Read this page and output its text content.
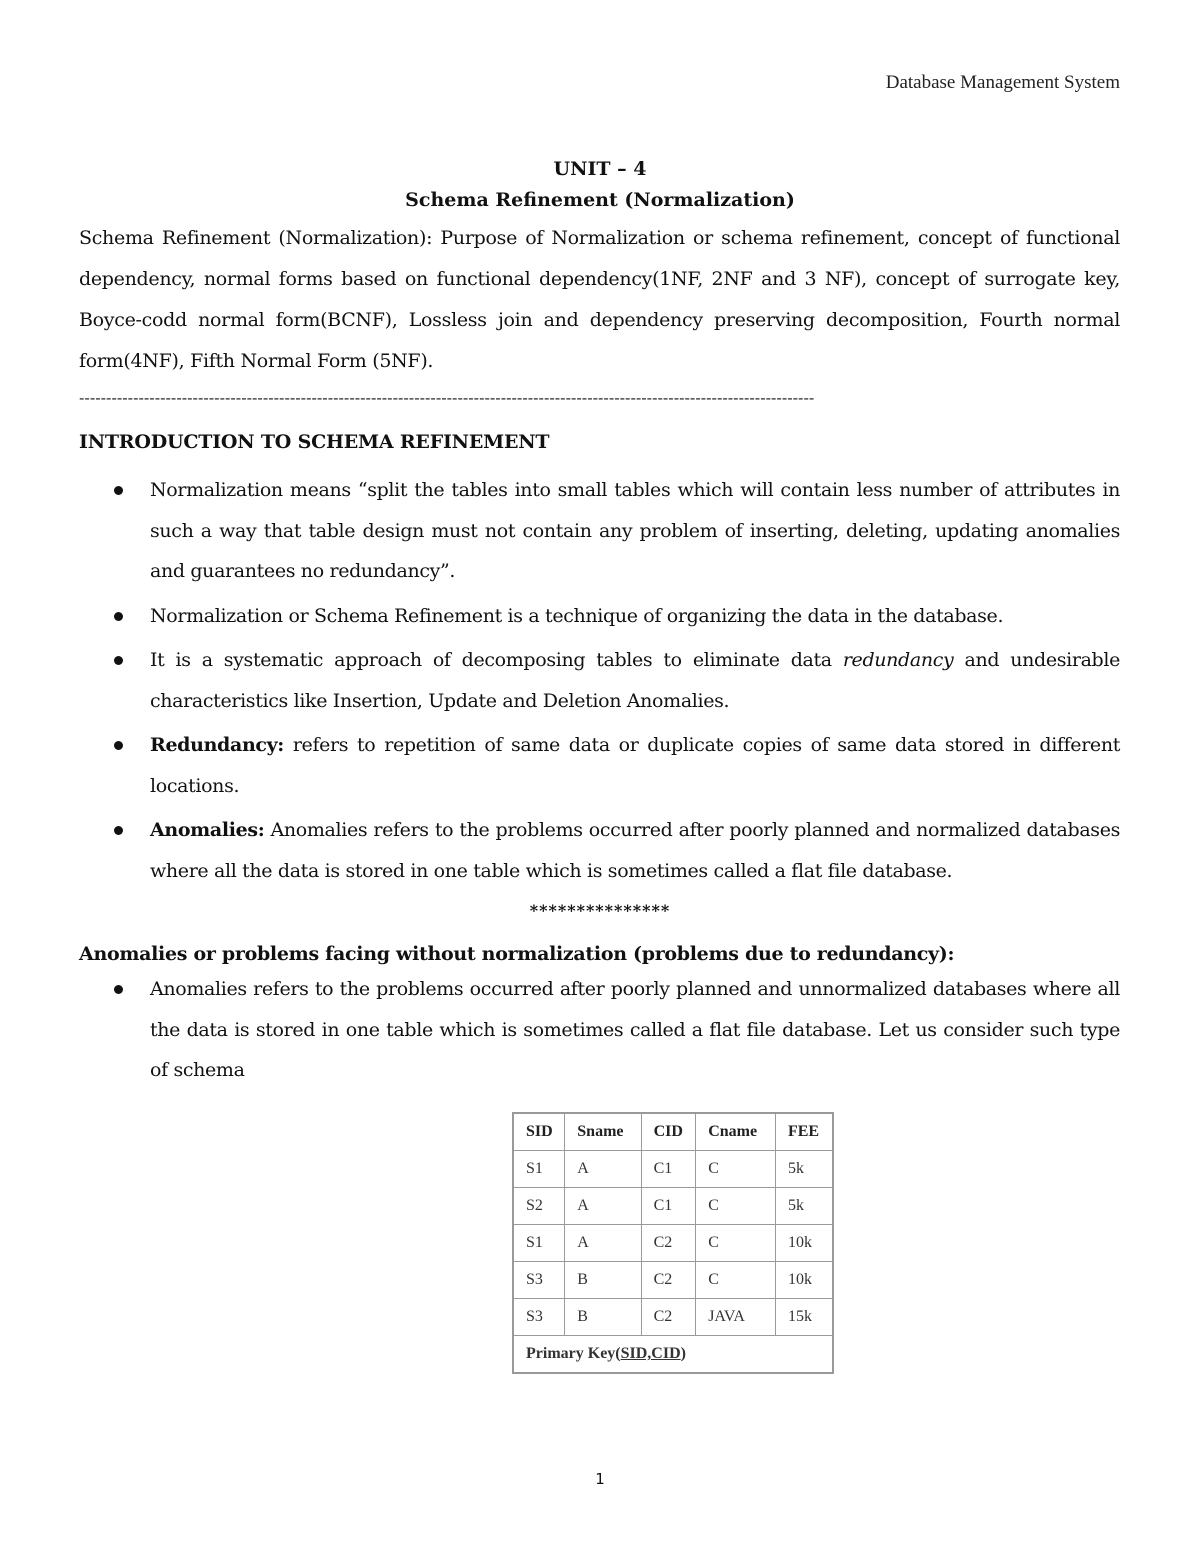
Database Management System
UNIT – 4
Schema Refinement (Normalization)
Schema Refinement (Normalization): Purpose of Normalization or schema refinement, concept of functional dependency, normal forms based on functional dependency(1NF, 2NF and 3 NF), concept of surrogate key, Boyce-codd normal form(BCNF), Lossless join and dependency preserving decomposition, Fourth normal form(4NF), Fifth Normal Form (5NF).
----------------------------------------------------------------------------------------------------------------------------------------
INTRODUCTION TO SCHEMA REFINEMENT
Normalization means “split the tables into small tables which will contain less number of attributes in such a way that table design must not contain any problem of inserting, deleting, updating anomalies and guarantees no redundancy”.
Normalization or Schema Refinement is a technique of organizing the data in the database.
It is a systematic approach of decomposing tables to eliminate data redundancy and undesirable characteristics like Insertion, Update and Deletion Anomalies.
Redundancy: refers to repetition of same data or duplicate copies of same data stored in different locations.
Anomalies: Anomalies refers to the problems occurred after poorly planned and normalized databases where all the data is stored in one table which is sometimes called a flat file database.
***************
Anomalies or problems facing without normalization (problems due to redundancy):
Anomalies refers to the problems occurred after poorly planned and unnormalized databases where all the data is stored in one table which is sometimes called a flat file database. Let us consider such type of schema
SID	Sname	CID	Cname	FEE
S1	A	C1	C	5k
S2	A	C1	C	5k
S1	A	C2	C	10k
S3	B	C2	C	10k
S3	B	C2	JAVA	15k
Primary Key(SID,CID)				
1
